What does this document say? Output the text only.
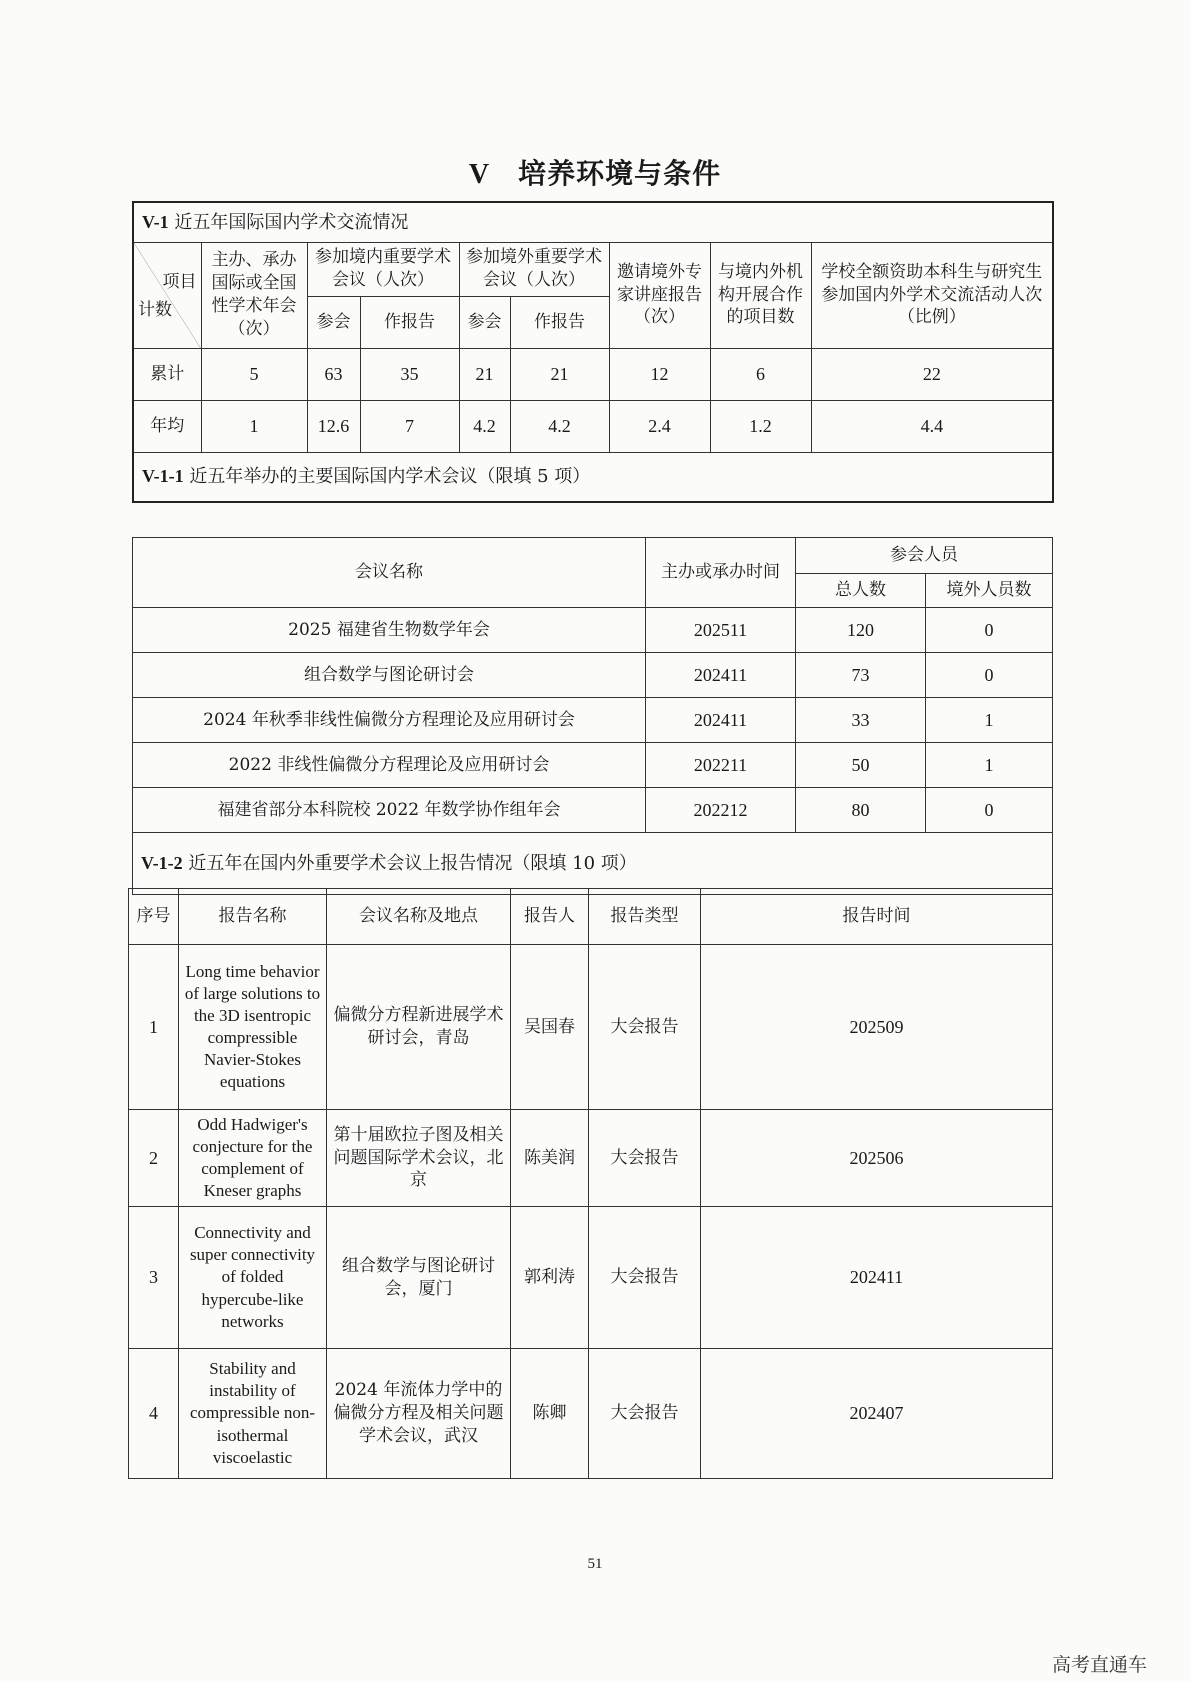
V 培养环境与条件
V-1 近五年国际国内学术交流情况								

项目
计数	主办、承办国际或全国性学术年会（次）	参加境内重要学术会议（人次）		参加境外重要学术会议（人次）		邀请境外专家讲座报告（次）	与境内外机构开展合作的项目数	学校全额资助本科生与研究生参加国内外学术交流活动人次（比例）
		参会	作报告	参会	作报告			
累计	5	63	35	21	21	12	6	22
年均	1	12.6	7	4.2	4.2	2.4	1.2	4.4
V-1-1 近五年举办的主要国际国内学术会议（限填 5 项）								
会议名称	主办或承办时间	参会人员	
		总人数	境外人员数
2025 福建省生物数学年会	202511	120	0
组合数学与图论研讨会	202411	73	0
2024 年秋季非线性偏微分方程理论及应用研讨会	202411	33	1
2022 非线性偏微分方程理论及应用研讨会	202211	50	1
福建省部分本科院校 2022 年数学协作组年会	202212	80	0
V-1-2 近五年在国内外重要学术会议上报告情况（限填 10 项）			
序号	报告名称	会议名称及地点	报告人	报告类型	报告时间
1	Long time behavior of large solutions to the 3D isentropic compressible Navier-Stokes equations	偏微分方程新进展学术研讨会，青岛	吴国春	大会报告	202509
2	Odd Hadwiger's conjecture for the complement of Kneser graphs	第十届欧拉子图及相关问题国际学术会议，北京	陈美润	大会报告	202506
3	Connectivity and super connectivity of folded hypercube-like networks	组合数学与图论研讨会，厦门	郭利涛	大会报告	202411
4	Stability and instability of compressible non-isothermal viscoelastic	2024 年流体力学中的偏微分方程及相关问题学术会议，武汉	陈卿	大会报告	202407
51
高考直通车
